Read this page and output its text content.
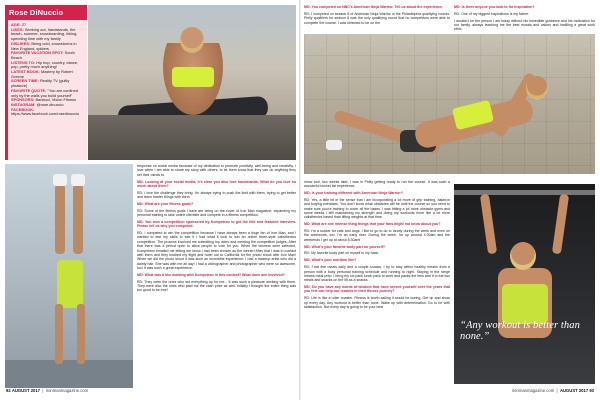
Rose DiNuccio
AGE: 27
LIKES: Working out, handstands, the beach, summer, snowboarding, hiking, spending time with my family
DISLIKES: Being cold, snowstorms in New England, spiders
FAVORITE VACATION SPOT: South Beach
LISTENS TO: Hip hop, country, dance, pop, pretty much anything!
LATEST BOOK: Mastery by Robert Greene
SCREEN TIME: Reality TV (guilty pleasure)
FAVORITE QUOTE: "You are confined only by the walls you build yourself"
SPONSORS: Barstool, Vision Fitness
INSTAGRAM: @rose.dinuccio
FACEBOOK: https://www.facebook.com/rosedinuccio

response on social media because of my dedication to promote positivity, well-being and creativity. I love when I am able to share my story with others, to let them know that they can do anything they set their minds to.

MD: Looking at your social media, it's clear you also love handstands. What do you love so much about them?

RD: I love the challenge they bring. I'm always trying to push the limit with them, trying to get better and learn harder things with them.

MD: What are your fitness goals?

RD: Some of the fitness goals I have are being on the cover of Iron Man magazine, expanding my personal training to take online clientele and compete in a fitness competition.

MD: You won a competition sponsored by Kompetenz to get the title and featured interview. Please tell us why you competed.

RD: I competed to win the competition because I have always been a huge fan of Iron Man, and I wanted to test my skills to see if I had what it took to win an online three-style calisthenics competition. The process involved me submitting my video and meeting the competition judges. After that there was a period open to allow people to vote for you. When the winners were selected, Kompetenz emailed me letting me know I had been chosen as the winner! After that I was in contact with them and they booked my flight and hotel out to California for the photo shoot with Iron Man! When we did the photo shoot it was such an incredible experience. I had a makeup artist who did a dainty hair. She was with me all day! I had a videographer and photographer who were so awesome, too! It was such a great experience.

MD: What was it like working with Kompetenz in this contest? What does one involved?

RD: They were the ones who set everything up for me... It was such a pleasure working with them. They were also the ones who paid me the cash prize as well. Initially I thought the entire thing was too good to be true!

92 AUGUST 2017  |  ironmanmagazine.com

MD: You competed on NBC's American Ninja Warrior. Tell us about the experience.

RD: I competed on season 8 of American Ninja Warrior in the Philadelphia qualifying rounds. Philly qualifiers for season 8 was the only qualifying round that no competitors were able to complete the course. I was selected to be on the

MD: Is there anyone you look to for inspiration?

RD: One of my biggest inspirations is my father.

I wouldn't be the person I am today without his incredible guidance and his motivation for our family, always teaching me the best morals and values and instilling a great work ethic.

show and, two weeks later, I was in Philly getting ready to run the course. It was such a wonderful bucket list experience.

MD: Is your training different with American Ninja Warrior?

RD: Yes, a little bit in the sense that I am incorporating a lot more of grip training, balance and forging exercises. You don't know what obstacles will be until the course so you need to make sure you're training to cover all the bases. I was hitting a lot more obstacle gyms and some weeks I still maintaining my strength and doing my workouts more like a lot more calisthenics based than lifting weights at that time.

MD: What are one intense thing things that your fans might not know about you?

RD: I'm a sucker for cats and dogs. I like to go to do to dearly during the week and even on the weekends, too, I'm an early riser. During the week, I'm up around 4:30am and the weekends I get up at about 5:30am!

MD: What's your favorite body part on yourself?

RD: My favorite body part on myself is my back.

MD: What's your nutrition like?

RD: I eat five meals daily and a couple snacks. I try to stay within healthy means from a person with a busy personal training schedule and running to night. Staying in the range means meal prep. I bring my six pack lunch pack to work and packs the lens and it to eat two meals and snacks on the lift as a snacks.

MD: Do you have any words of wisdom that have served yourself over the years that you feel can help our readers in their fitness journey?

RD: Life is like a roller coaster. Fitness is worth sailing it would be boring. Get up and show up every day. Any workout is better than none. Wake up with determination. Go to be with satisfaction. Not every day is going to be your best

“Any workout is better than none.”
ironmanmagazine.com  |  AUGUST 2017 93
